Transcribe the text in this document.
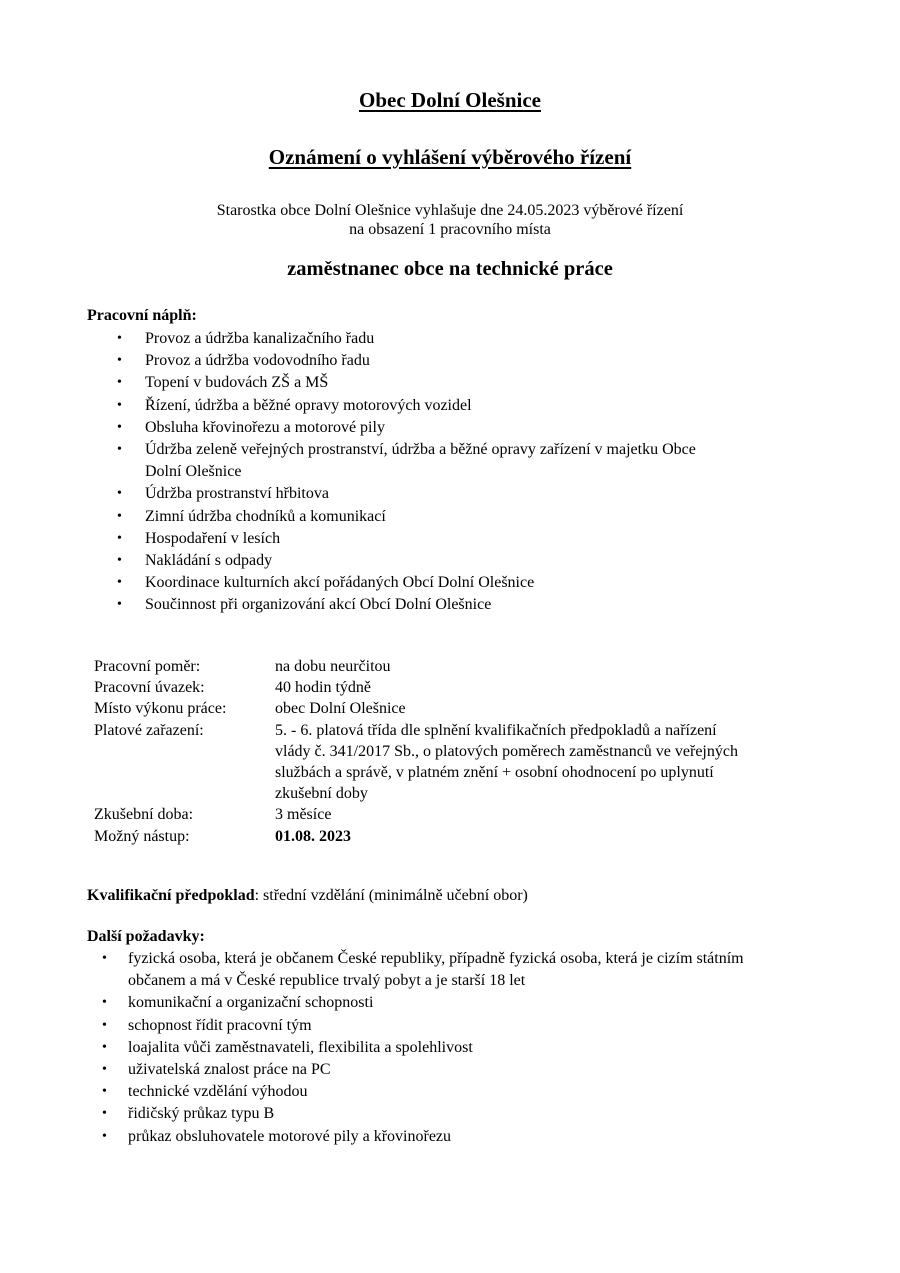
Obec Dolní Olešnice
Oznámení o vyhlášení výběrového řízení
Starostka obce Dolní Olešnice vyhlašuje dne 24.05.2023 výběrové řízení
na obsazení 1 pracovního místa
zaměstnanec obce na technické práce
Pracovní náplň:
• Provoz a údržba kanalizačního řadu
• Provoz a údržba vodovodního řadu
• Topení v budovách ZŠ a MŠ
• Řízení, údržba a běžné opravy motorových vozidel
• Obsluha křovinořezu a motorové pily
• Údržba zeleně veřejných prostranství, údržba a běžné opravy zařízení v majetku Obce
Dolní Olešnice
• Údržba prostranství hřbitova
• Zimní údržba chodníků a komunikací
• Hospodaření v lesích
• Nakládání s odpady
• Koordinace kulturních akcí pořádaných Obcí Dolní Olešnice
• Součinnost při organizování akcí Obcí Dolní Olešnice
Pracovní poměr:	na dobu neurčitou
Pracovní úvazek:	40 hodin týdně
Místo výkonu práce:	obec Dolní Olešnice
Platové zařazení:	5. - 6. platová třída dle splnění kvalifikačních předpokladů a nařízení
vlády č. 341/2017 Sb., o platových poměrech zaměstnanců ve veřejných
službách a správě, v platném znění + osobní ohodnocení po uplynutí
zkušební doby
Zkušební doba:	3 měsíce
Možný nástup:	01.08. 2023
Kvalifikační předpoklad: střední vzdělání (minimálně učební obor)
Další požadavky:
• fyzická osoba, která je občanem České republiky, případně fyzická osoba, která je cizím státním
občanem a má v České republice trvalý pobyt a je starší 18 let
• komunikační a organizační schopnosti
• schopnost řídit pracovní tým
• loajalita vůči zaměstnavateli, flexibilita a spolehlivost
• uživatelská znalost práce na PC
• technické vzdělání výhodou
• řidičský průkaz typu B
• průkaz obsluhovatele motorové pily a křovinořezu
